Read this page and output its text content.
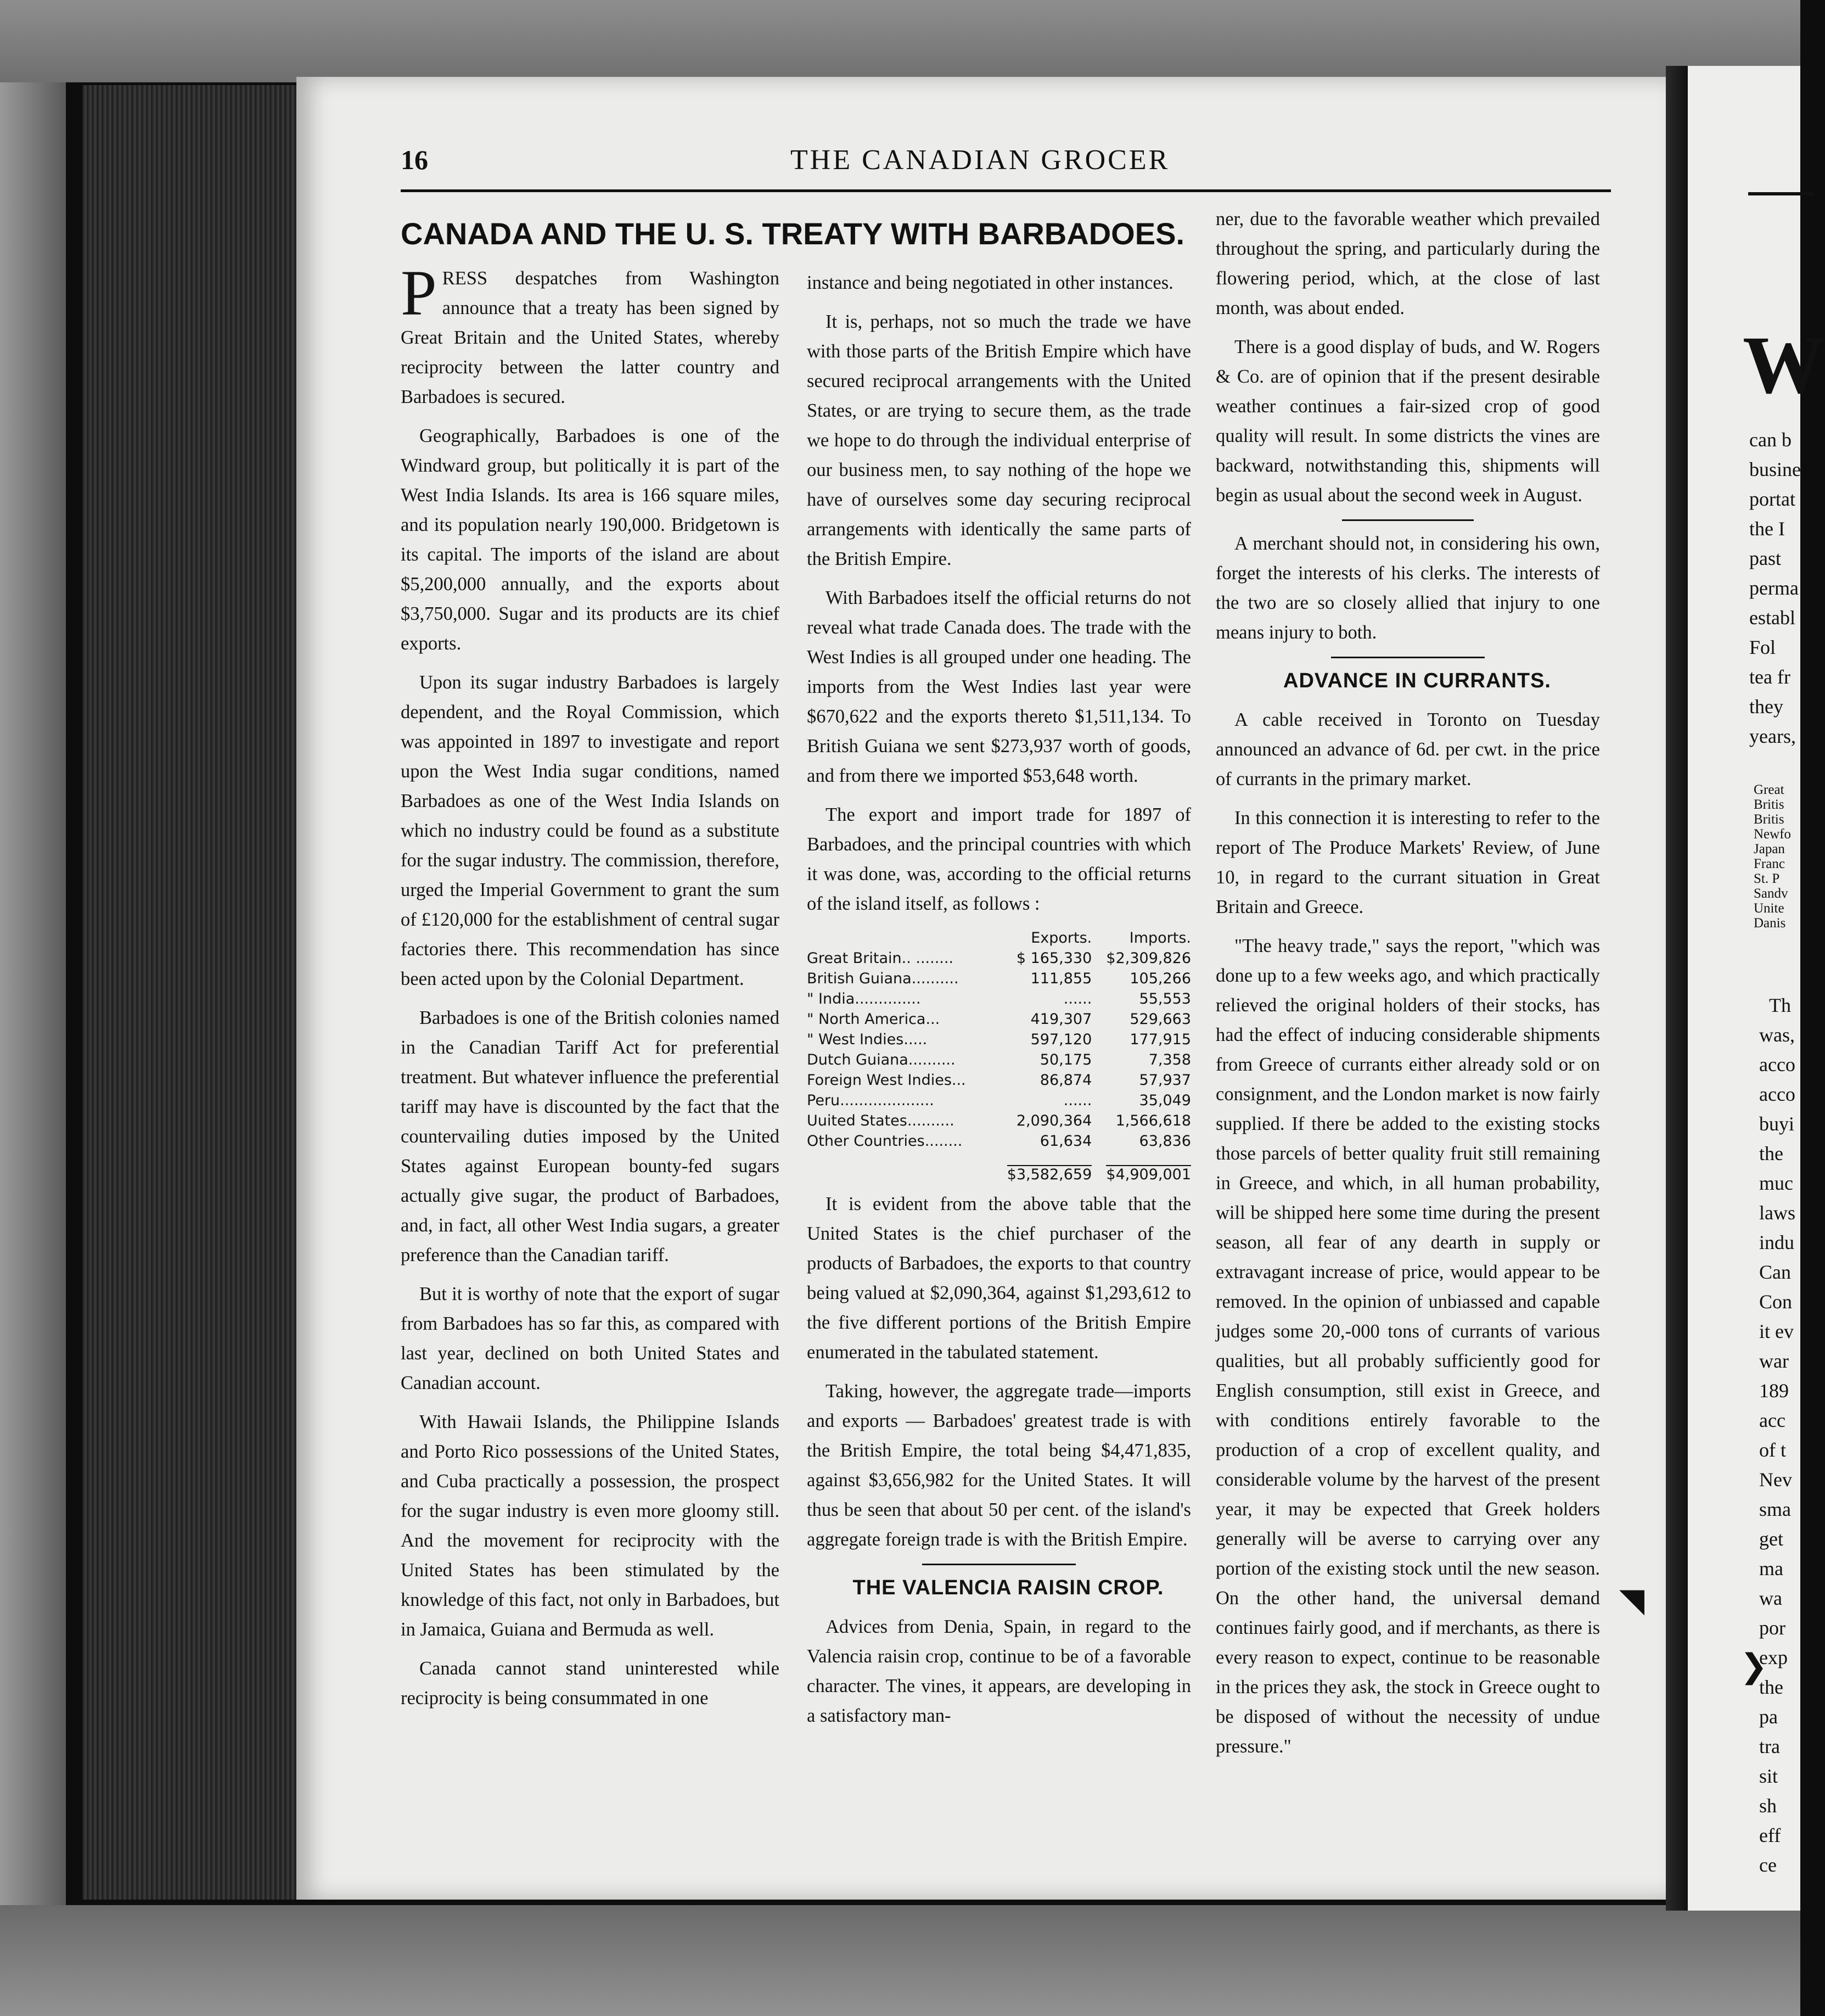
W
can b
busine
portat
the I
past
perma
establ
Fol
tea fr
they
years,
Great
Britis
Britis
Newfo
Japan
Franc
St. P
Sandv
Unite
Danis
Th
was,
acco
acco
buyi
the
muc
laws
indu
Can
Con
it ev
war
189
acc
of t
Nev
sma
get
ma
wa
por
exp
the
pa
tra
sit
sh
eff
ce
❯
◥
16	THE CANADIAN GROCER
CANADA AND THE U. S. TREATY WITH BARBADOES.

PRESS despatches from Washington announce that a treaty has been signed by Great Britain and the United States, whereby reciprocity between the latter country and Barbadoes is secured.

Geographically, Barbadoes is one of the Windward group, but politically it is part of the West India Islands. Its area is 166 square miles, and its population nearly 190,000. Bridgetown is its capital. The imports of the island are about $5,200,000 annually, and the exports about $3,750,000. Sugar and its products are its chief exports.

Upon its sugar industry Barbadoes is largely dependent, and the Royal Commission, which was appointed in 1897 to investigate and report upon the West India sugar conditions, named Barbadoes as one of the West India Islands on which no industry could be found as a substitute for the sugar industry. The commission, therefore, urged the Imperial Government to grant the sum of £120,000 for the establishment of central sugar factories there. This recommendation has since been acted upon by the Colonial Department.

Barbadoes is one of the British colonies named in the Canadian Tariff Act for preferential treatment. But whatever influence the preferential tariff may have is discounted by the fact that the countervailing duties imposed by the United States against European bounty-fed sugars actually give sugar, the product of Barbadoes, and, in fact, all other West India sugars, a greater preference than the Canadian tariff.

But it is worthy of note that the export of sugar from Barbadoes has so far this, as compared with last year, declined on both United States and Canadian account.

With Hawaii Islands, the Philippine Islands and Porto Rico possessions of the United States, and Cuba practically a possession, the prospect for the sugar industry is even more gloomy still. And the movement for reciprocity with the United States has been stimulated by the knowledge of this fact, not only in Barbadoes, but in Jamaica, Guiana and Bermuda as well.

Canada cannot stand uninterested while reciprocity is being consummated in one

instance and being negotiated in other instances.

It is, perhaps, not so much the trade we have with those parts of the British Empire which have secured reciprocal arrangements with the United States, or are trying to secure them, as the trade we hope to do through the individual enterprise of our business men, to say nothing of the hope we have of ourselves some day securing reciprocal arrangements with identically the same parts of the British Empire.

With Barbadoes itself the official returns do not reveal what trade Canada does. The trade with the West Indies is all grouped under one heading. The imports from the West Indies last year were $670,622 and the exports thereto $1,511,134. To British Guiana we sent $273,937 worth of goods, and from there we imported $53,648 worth.

The export and import trade for 1897 of Barbadoes, and the principal countries with which it was done, was, according to the official returns of the island itself, as follows :

	Exports.	Imports.
Great Britain.. ........	$ 165,330	$2,309,826
British Guiana..........	111,855	105,266
" India..............	......	55,553
" North America...	419,307	529,663
" West Indies.....	597,120	177,915
Dutch Guiana..........	50,175	7,358
Foreign West Indies...	86,874	57,937
Peru....................	......	35,049
Uuited States..........	2,090,364	1,566,618
Other Countries........	61,634	63,836
	$3,582,659	$4,909,001

It is evident from the above table that the United States is the chief purchaser of the products of Barbadoes, the exports to that country being valued at $2,090,364, against $1,293,612 to the five different portions of the British Empire enumerated in the tabulated statement.

Taking, however, the aggregate trade—imports and exports — Barbadoes' greatest trade is with the British Empire, the total being $4,471,835, against $3,656,982 for the United States. It will thus be seen that about 50 per cent. of the island's aggregate foreign trade is with the British Empire.

THE VALENCIA RAISIN CROP.

Advices from Denia, Spain, in regard to the Valencia raisin crop, continue to be of a favorable character. The vines, it appears, are developing in a satisfactory man-

ner, due to the favorable weather which prevailed throughout the spring, and particularly during the flowering period, which, at the close of last month, was about ended.

There is a good display of buds, and W. Rogers & Co. are of opinion that if the present desirable weather continues a fair-sized crop of good quality will result. In some districts the vines are backward, notwithstanding this, shipments will begin as usual about the second week in August.

A merchant should not, in considering his own, forget the interests of his clerks. The interests of the two are so closely allied that injury to one means injury to both.

ADVANCE IN CURRANTS.

A cable received in Toronto on Tuesday announced an advance of 6d. per cwt. in the price of currants in the primary market.

In this connection it is interesting to refer to the report of The Produce Markets' Review, of June 10, in regard to the currant situation in Great Britain and Greece.

"The heavy trade," says the report, "which was done up to a few weeks ago, and which practically relieved the original holders of their stocks, has had the effect of inducing considerable shipments from Greece of currants either already sold or on consignment, and the London market is now fairly supplied. If there be added to the existing stocks those parcels of better quality fruit still remaining in Greece, and which, in all human probability, will be shipped here some time during the present season, all fear of any dearth in supply or extravagant increase of price, would appear to be removed. In the opinion of unbiassed and capable judges some 20,-000 tons of currants of various qualities, but all probably sufficiently good for English consumption, still exist in Greece, and with conditions entirely favorable to the production of a crop of excellent quality, and considerable volume by the harvest of the present year, it may be expected that Greek holders generally will be averse to carrying over any portion of the existing stock until the new season. On the other hand, the universal demand continues fairly good, and if merchants, as there is every reason to expect, continue to be reasonable in the prices they ask, the stock in Greece ought to be disposed of without the necessity of undue pressure."
